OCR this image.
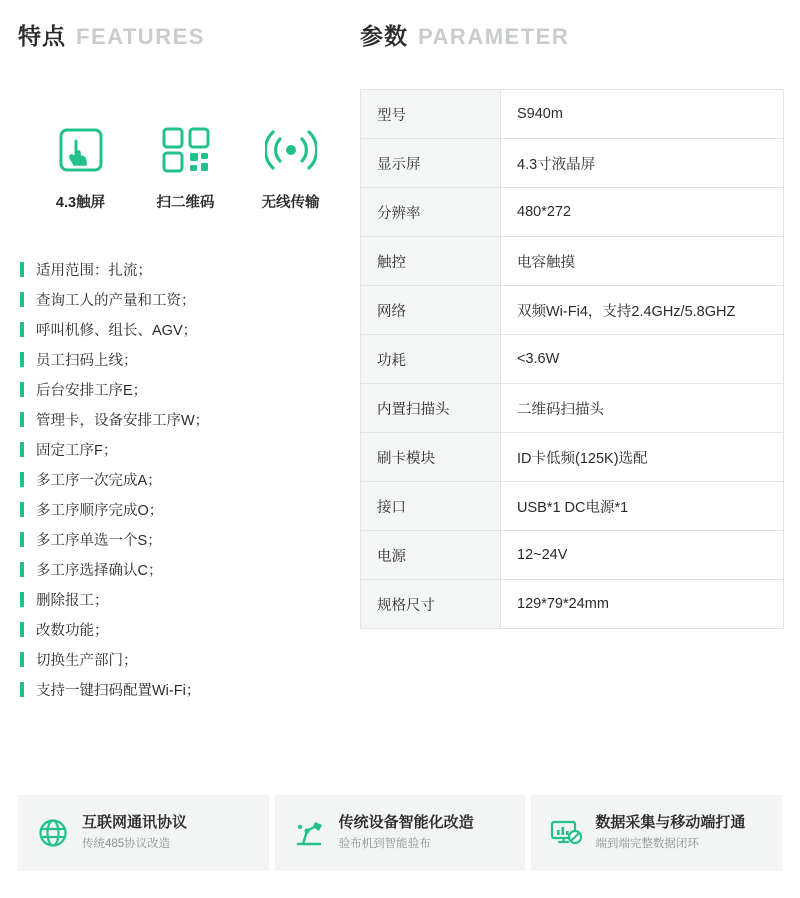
特点 FEATURES
4.3触屏	扫二维码	无线传输
适用范围：扎流；
查询工人的产量和工资；
呼叫机修、组长、AGV；
员工扫码上线；
后台安排工序E；
管理卡，设备安排工序W；
固定工序F；
多工序一次完成A；
多工序顺序完成O；
多工序单选一个S；
多工序选择确认C；
删除报工；
改数功能；
切换生产部门；
支持一键扫码配置Wi-Fi；
参数 PARAMETER
型号	S940m
显示屏	4.3寸液晶屏
分辨率	480*272
触控	电容触摸
网络	双频Wi-Fi4，支持2.4GHz/5.8GHZ
功耗	<3.6W
内置扫描头	二维码扫描头
刷卡模块	ID卡低频(125K)选配
接口	USB*1 DC电源*1
电源	12~24V
规格尺寸	129*79*24mm
互联网通讯协议
传统485协议改造
传统设备智能化改造
验布机到智能验布
数据采集与移动端打通
端到端完整数据闭环
